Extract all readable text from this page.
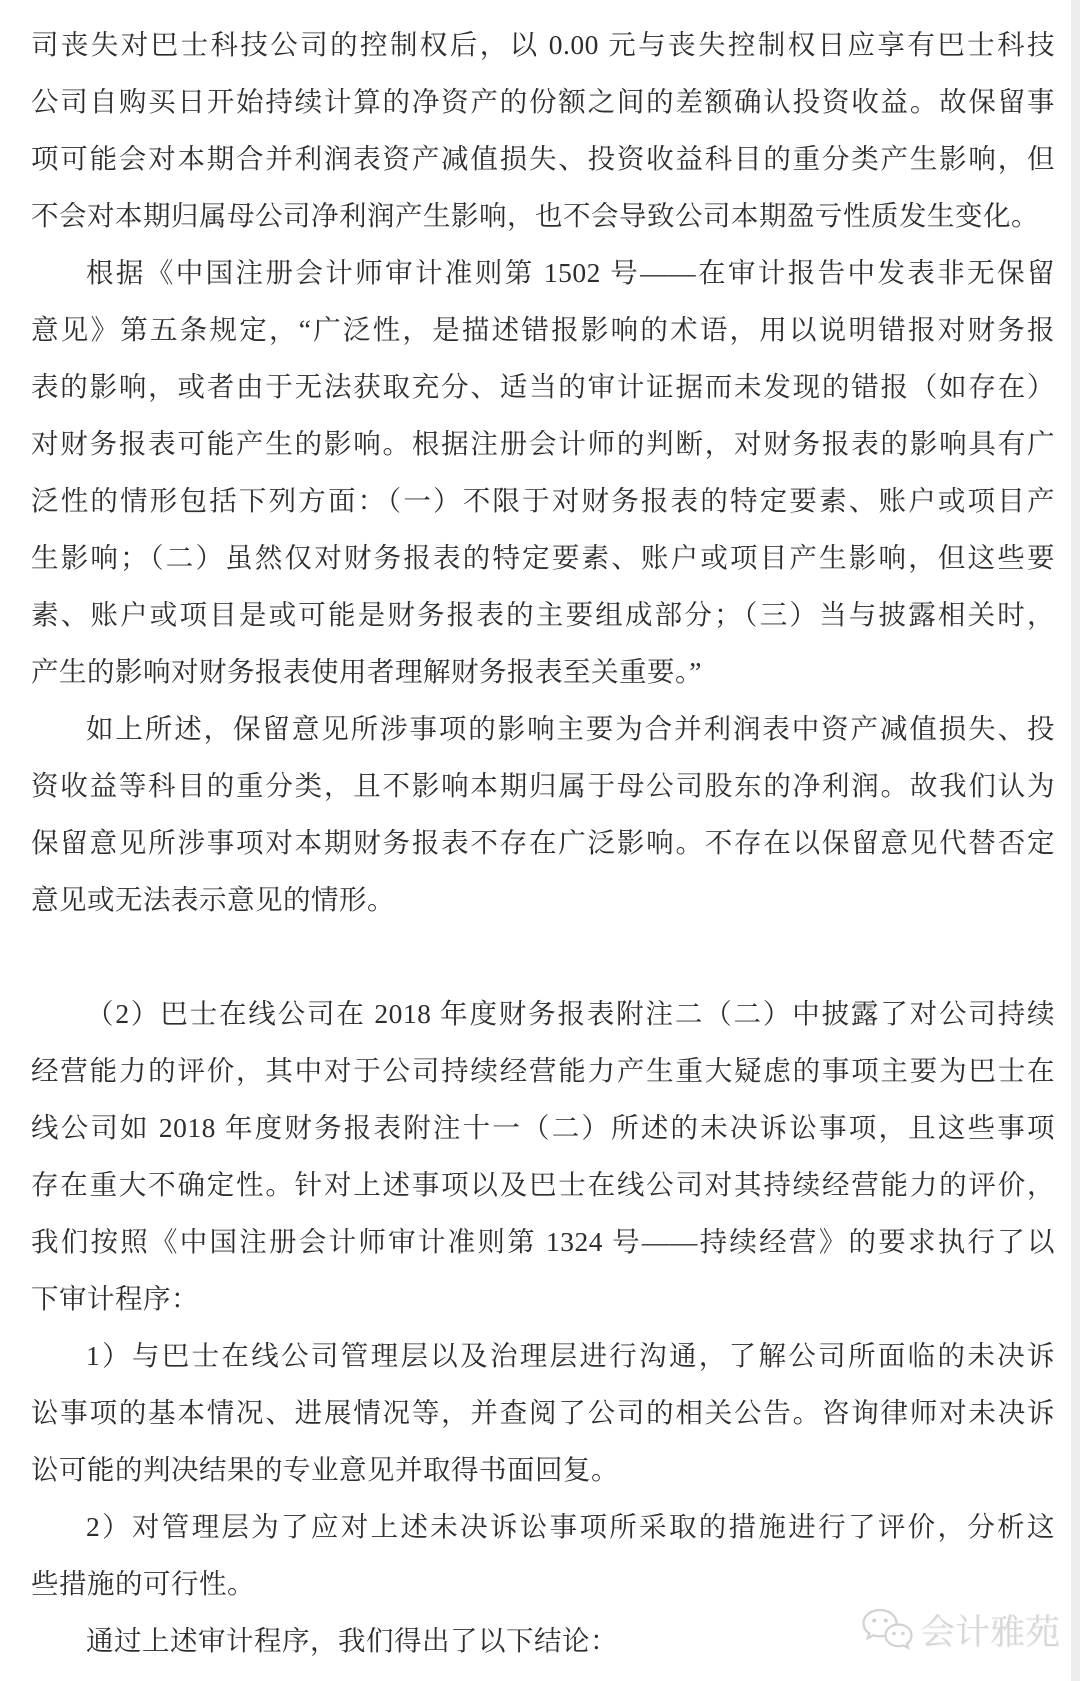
司丧失对巴士科技公司的控制权后，以 0.00 元与丧失控制权日应享有巴士科技
公司自购买日开始持续计算的净资产的份额之间的差额确认投资收益。故保留事
项可能会对本期合并利润表资产减值损失、投资收益科目的重分类产生影响，但
不会对本期归属母公司净利润产生影响，也不会导致公司本期盈亏性质发生变化。
根据《中国注册会计师审计准则第 1502 号——在审计报告中发表非无保留
意见》第五条规定，“广泛性，是描述错报影响的术语，用以说明错报对财务报
表的影响，或者由于无法获取充分、适当的审计证据而未发现的错报（如存在）
对财务报表可能产生的影响。根据注册会计师的判断，对财务报表的影响具有广
泛性的情形包括下列方面：（一）不限于对财务报表的特定要素、账户或项目产
生影响；（二）虽然仅对财务报表的特定要素、账户或项目产生影响，但这些要
素、账户或项目是或可能是财务报表的主要组成部分；（三）当与披露相关时，
产生的影响对财务报表使用者理解财务报表至关重要。”
如上所述，保留意见所涉事项的影响主要为合并利润表中资产减值损失、投
资收益等科目的重分类，且不影响本期归属于母公司股东的净利润。故我们认为
保留意见所涉事项对本期财务报表不存在广泛影响。不存在以保留意见代替否定
意见或无法表示意见的情形。
（2）巴士在线公司在 2018 年度财务报表附注二（二）中披露了对公司持续
经营能力的评价，其中对于公司持续经营能力产生重大疑虑的事项主要为巴士在
线公司如 2018 年度财务报表附注十一（二）所述的未决诉讼事项，且这些事项
存在重大不确定性。针对上述事项以及巴士在线公司对其持续经营能力的评价，
我们按照《中国注册会计师审计准则第 1324 号——持续经营》的要求执行了以
下审计程序：
1）与巴士在线公司管理层以及治理层进行沟通，了解公司所面临的未决诉
讼事项的基本情况、进展情况等，并查阅了公司的相关公告。咨询律师对未决诉
讼可能的判决结果的专业意见并取得书面回复。
2）对管理层为了应对上述未决诉讼事项所采取的措施进行了评价，分析这
些措施的可行性。
通过上述审计程序，我们得出了以下结论：	会计雅苑
